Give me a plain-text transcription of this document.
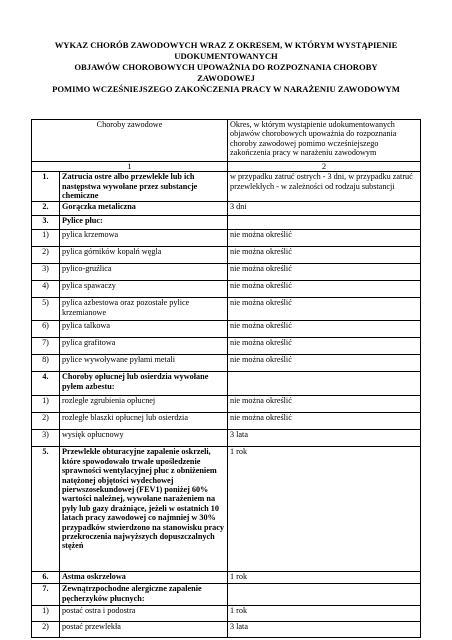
WYKAZ CHORÓB ZAWODOWYCH WRAZ Z OKRESEM, W KTÓRYM WYSTĄPIENIE
UDOKUMENTOWANYCH
OBJAWÓW CHOROBOWYCH UPOWAŻNIA DO ROZPOZNANIA CHOROBY
ZAWODOWEJ
POMIMO WCZEŚNIEJSZEGO ZAKOŃCZENIA PRACY W NARAŻENIU ZAWODOWYM
Choroby zawodowe		Okres, w którym wystąpienie udokumentowanych objawów chorobowych upoważnia do rozpoznania choroby zawodowej pomimo wcześniejszego zakończenia pracy w narażeniu zawodowym
1		2
1.	Zatrucia ostre albo przewlekłe lub ich następstwa wywołane przez substancje chemiczne	w przypadku zatruć ostrych - 3 dni, w przypadku zatruć przewlekłych - w zależności od rodzaju substancji
2.	Gorączka metaliczna	3 dni
3.	Pylice płuc:	
1)	pylica krzemowa	nie można określić
2)	pylica górników kopalń węgla	nie można określić
3)	pylico-gruźlica	nie można określić
4)	pylica spawaczy	nie można określić
5)	pylica azbestowa oraz pozostałe pylice krzemianowe	nie można określić
6)	pylica talkowa	nie można określić
7)	pylica grafitowa	nie można określić
8)	pylice wywoływane pyłami metali	nie można określić
4.	Choroby opłucnej lub osierdzia wywołane pyłem azbestu:	
1)	rozległe zgrubienia opłucnej	nie można określić
2)	rozległe blaszki opłucnej lub osierdzia	nie można określić
3)	wysięk opłucnowy	3 lata
5.	Przewlekłe obturacyjne zapalenie oskrzeli, które spowodowało trwałe upośledzenie sprawności wentylacyjnej płuc z obniżeniem natężonej objętości wydechowej pierwszosekundowej (FEV1) poniżej 60% wartości należnej, wywołane narażeniem na pyły lub gazy drażniące, jeżeli w ostatnich 10 latach pracy zawodowej co najmniej w 30% przypadków stwierdzono na stanowisku pracy przekroczenia najwyższych dopuszczalnych stężeń	1 rok
6.	Astma oskrzelowa	1 rok
7.	Zewnątrzpochodne alergiczne zapalenie pęcherzyków płucnych:	
1)	postać ostra i podostra	1 rok
2)	postać przewlekła	3 lata
